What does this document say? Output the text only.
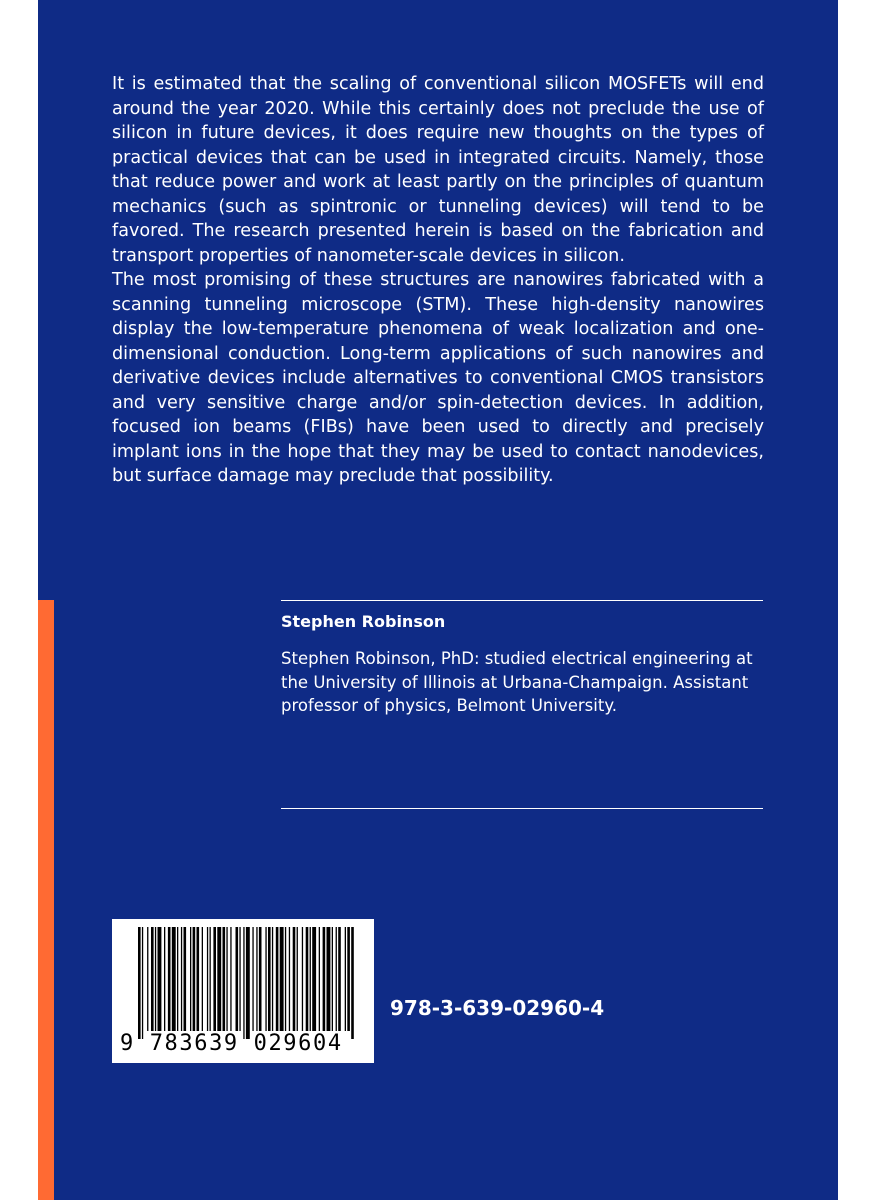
It is estimated that the scaling of conventional silicon MOSFETs will end around the year 2020. While this certainly does not preclude the use of silicon in future devices, it does require new thoughts on the types of practical devices that can be used in integrated circuits. Namely, those that reduce power and work at least partly on the principles of quantum mechanics (such as spintronic or tunneling devices) will tend to be favored. The research presented herein is based on the fabrication and transport properties of nanometer-scale devices in silicon.

The most promising of these structures are nanowires fabricated with a scanning tunneling microscope (STM). These high-density nanowires display the low-temperature phenomena of weak localization and one-dimensional conduction. Long-term applications of such nanowires and derivative devices include alternatives to conventional CMOS transistors and very sensitive charge and/or spin-detection devices. In addition, focused ion beams (FIBs) have been used to directly and precisely implant ions in the hope that they may be used to contact nanodevices, but surface damage may preclude that possibility.

Stephen Robinson
Stephen Robinson, PhD: studied electrical engineering at the University of Illinois at Urbana-Champaign. Assistant professor of physics, Belmont University.
9 783639 029604
978-3-639-02960-4
